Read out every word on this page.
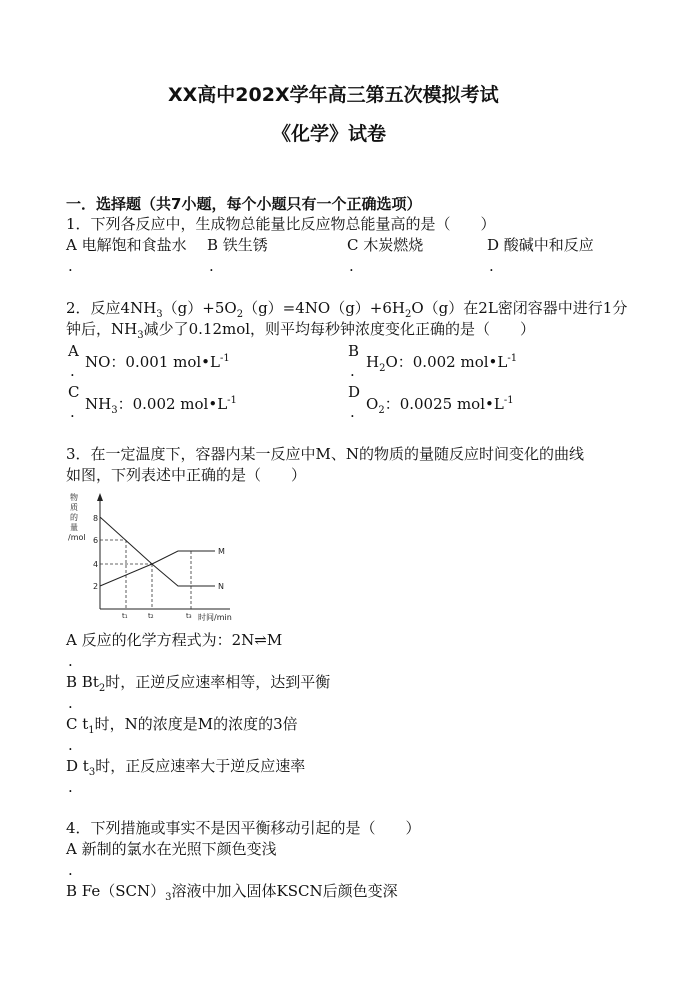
XX高中202X学年高三第五次模拟考试
《化学》试卷
一．选择题（共7小题，每个小题只有一个正确选项）
1．下列各反应中，生成物总能量比反应物总能量高的是（　　）
A 电解饱和食盐水 B 铁生锈	C 木炭燃烧	D 酸碱中和反应
.	.	.	.
2．反应$4NH_3(g)+5O_2(g)=4NO(g)+6H_2O(g)$在2L密闭容器中进行1分
钟后，$NH_3$减少了0.12mol，则平均每秒钟浓度变化正确的是（　　）
A
NO：0.001 $mol•L^{-1}$
.
B
$H_2O$：0.002 $mol•L^{-1}$
.
C
$NH_3$：0.002 $mol•L^{-1}$
.
D
$O_2$：0.0025 $mol•L^{-1}$
.
3．在一定温度下，容器内某一反应中M、N的物质的量随反应时间变化的曲线
如图，下列表述中正确的是（　　）
物
质
的
量
/mol
8
6
4
2
M
N
t₁	t₂	t₃ 时间/min
A 反应的化学方程式为：2N⇌M
.
B $Bt_2$时，正逆反应速率相等，达到平衡
.
C $t_1$时，N的浓度是M的浓度的3倍
.
D $t_3$时，正反应速率大于逆反应速率
.
4．下列措施或事实不是因平衡移动引起的是（　　）
A 新制的氯水在光照下颜色变浅
.
B $Fe(SCN)_3$溶液中加入固体KSCN后颜色变深
